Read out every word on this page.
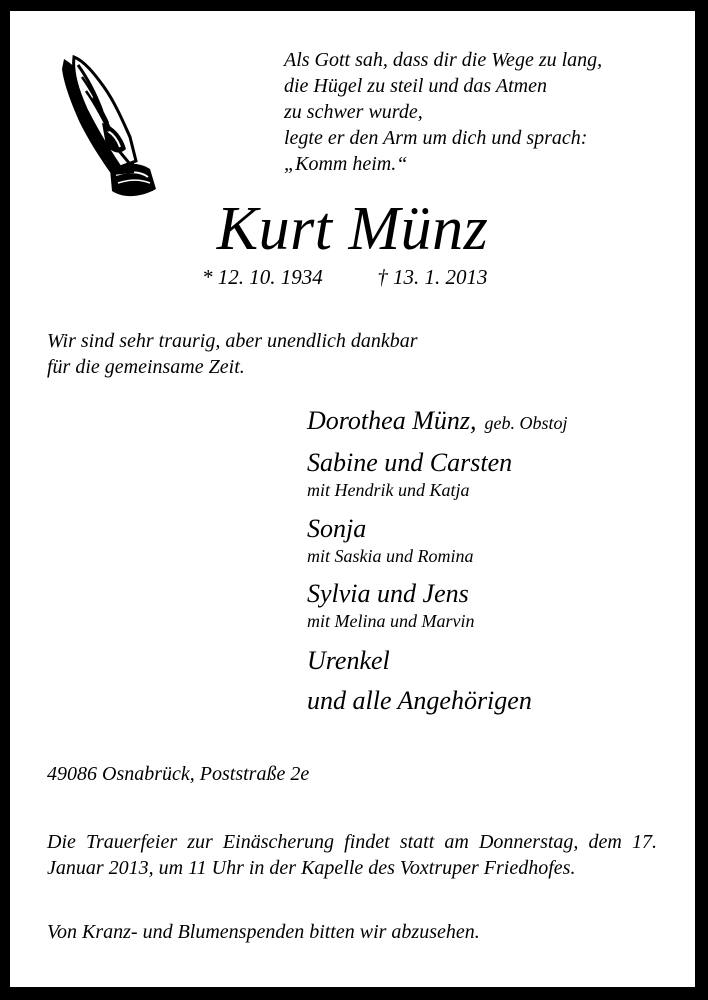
Als Gott sah, dass dir die Wege zu lang,
die Hügel zu steil und das Atmen
zu schwer wurde,
legte er den Arm um dich und sprach:
„Komm heim.“
Kurt Münz
* 12. 10. 1934	† 13. 1. 2013
Wir sind sehr traurig, aber unendlich dankbar
für die gemeinsame Zeit.
Dorothea Münz, geb. Obstoj
Sabine und Carsten
mit Hendrik und Katja
Sonja
mit Saskia und Romina
Sylvia und Jens
mit Melina und Marvin
Urenkel
und alle Angehörigen
49086 Osnabrück, Poststraße 2e
Die Trauerfeier zur Einäscherung findet statt am Donnerstag, dem 17. Januar 2013, um 11 Uhr in der Kapelle des Voxtruper Friedhofes.
Von Kranz- und Blumenspenden bitten wir abzusehen.
